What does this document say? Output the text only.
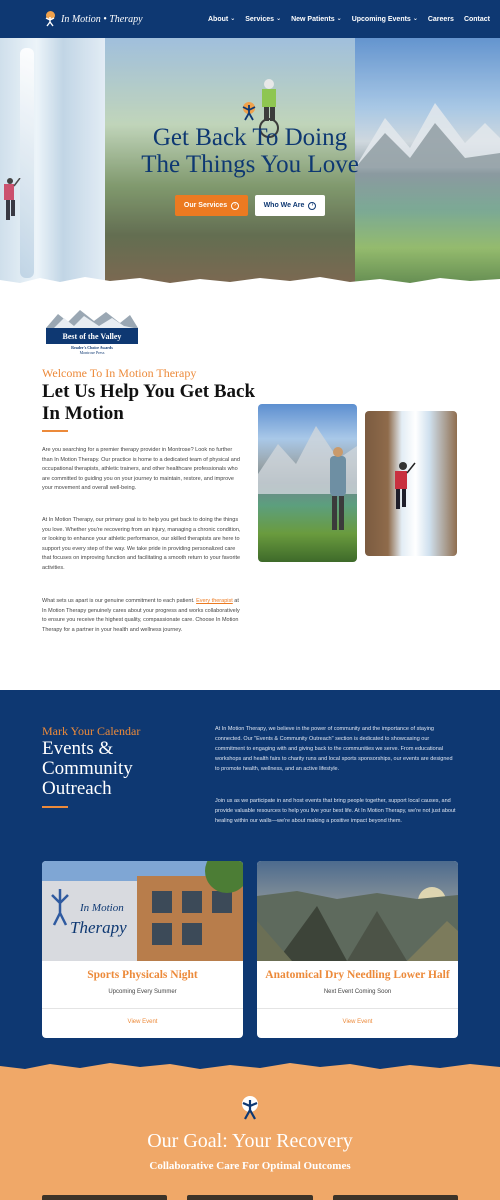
In Motion • Therapy	About ⌄ Services ⌄ New Patients ⌄ Upcoming Events ⌄ Careers Contact
Get Back To Doing
The Things You Love
Our Services	›	Who We Are	›
Best of the Valley
Reader's Choice Awards
Montrose Press
Welcome To In Motion Therapy
Let Us Help You Get Back In Motion
Are you searching for a premier therapy provider in Montrose? Look no further than In Motion Therapy. Our practice is home to a dedicated team of physical and occupational therapists, athletic trainers, and other healthcare professionals who are committed to guiding you on your journey to maintain, restore, and improve your movement and overall well-being.
At In Motion Therapy, our primary goal is to help you get back to doing the things you love. Whether you're recovering from an injury, managing a chronic condition, or looking to enhance your athletic performance, our skilled therapists are here to support you every step of the way. We take pride in providing personalized care that focuses on improving function and facilitating a smooth return to your favorite activities.
What sets us apart is our genuine commitment to each patient. Every therapist at In Motion Therapy genuinely cares about your progress and works collaboratively to ensure you receive the highest quality, compassionate care. Choose In Motion Therapy for a partner in your health and wellness journey.
Mark Your Calendar
Events & Community Outreach
At In Motion Therapy, we believe in the power of community and the importance of staying connected. Our "Events & Community Outreach" section is dedicated to showcasing our commitment to engaging with and giving back to the communities we serve. From educational workshops and health fairs to charity runs and local sports sponsorships, our events are designed to promote health, wellness, and an active lifestyle.
Join us as we participate in and host events that bring people together, support local causes, and provide valuable resources to help you live your best life. At In Motion Therapy, we're not just about healing within our walls—we're about making a positive impact beyond them.
In Motion
Therapy
Sports Physicals Night
Upcoming Every Summer
View Event
Anatomical Dry Needling Lower Half
Next Event Coming Soon
View Event
Our Goal: Your Recovery
Collaborative Care For Optimal Outcomes
